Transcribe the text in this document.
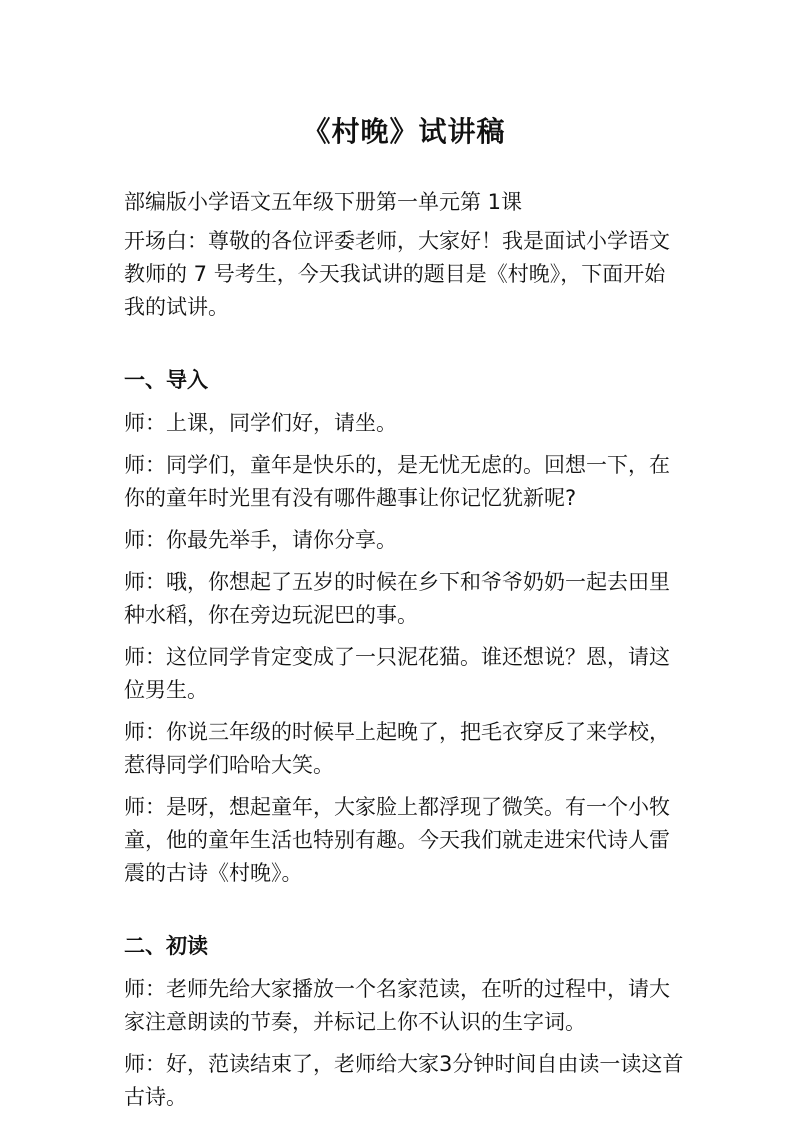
《村晚》试讲稿
部编版小学语文五年级下册第一单元第 1课
开场白：尊敬的各位评委老师，大家好！我是面试小学语文教师的 7 号考生，今天我试讲的题目是《村晚》，下面开始我的试讲。
一、导入
师：上课，同学们好，请坐。
师：同学们，童年是快乐的，是无忧无虑的。回想一下，在你的童年时光里有没有哪件趣事让你记忆犹新呢?
师：你最先举手，请你分享。
师：哦，你想起了五岁的时候在乡下和爷爷奶奶一起去田里种水稻，你在旁边玩泥巴的事。
师：这位同学肯定变成了一只泥花猫。谁还想说？恩，请这位男生。
师：你说三年级的时候早上起晚了，把毛衣穿反了来学校，惹得同学们哈哈大笑。
师：是呀，想起童年，大家脸上都浮现了微笑。有一个小牧童，他的童年生活也特别有趣。今天我们就走进宋代诗人雷震的古诗《村晚》。
二、初读
师：老师先给大家播放一个名家范读，在听的过程中，请大家注意朗读的节奏，并标记上你不认识的生字词。
师：好，范读结束了，老师给大家3分钟时间自由读一读这首古诗。
